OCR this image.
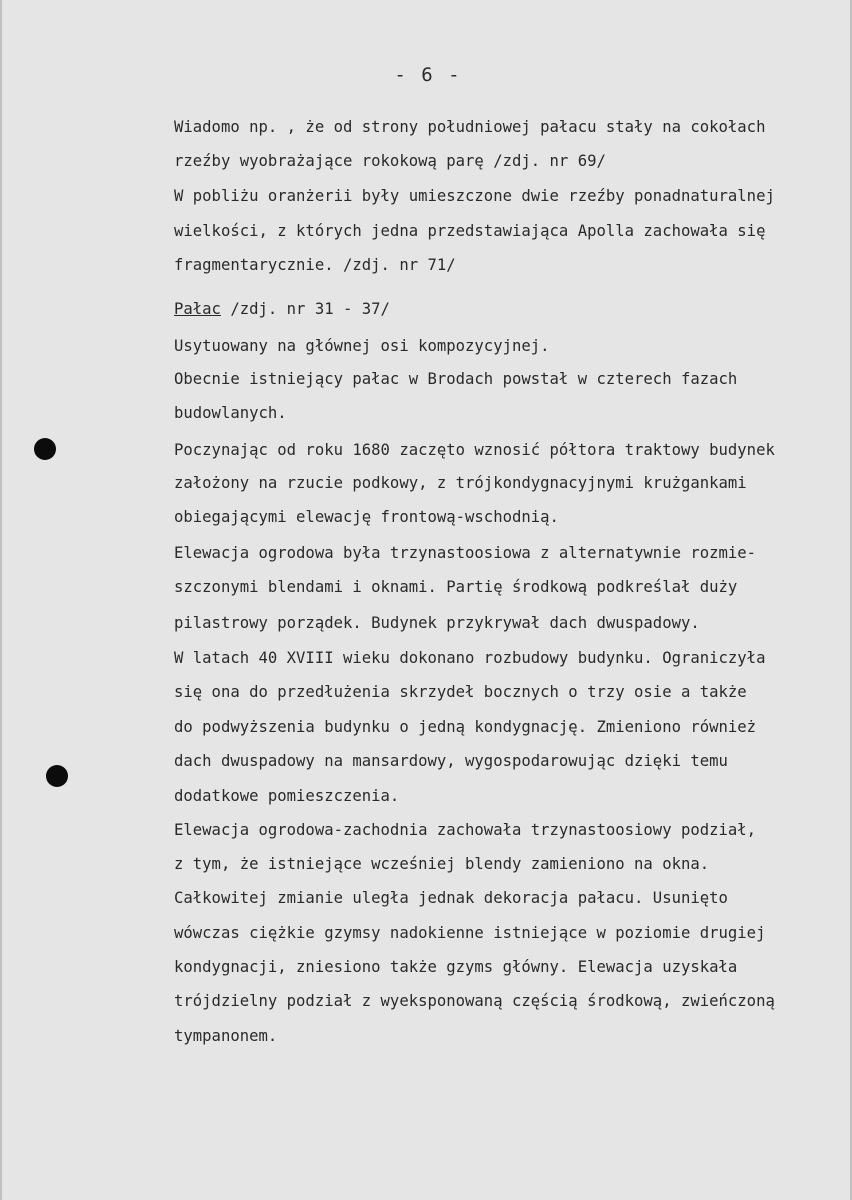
- 6 -
Wiadomo np. , że od strony południowej pałacu stały na cokołach
rzeźby wyobrażające rokokową parę /zdj. nr 69/
W pobliżu oranżerii były umieszczone dwie rzeźby ponadnaturalnej
wielkości, z których jedna przedstawiająca Apolla zachowała się
fragmentarycznie. /zdj. nr 71/
Pałac /zdj. nr 31 - 37/
Usytuowany na głównej osi kompozycyjnej.
Obecnie istniejący pałac w Brodach powstał w czterech fazach
budowlanych.
Poczynając od roku 1680 zaczęto wznosić półtora traktowy budynek
założony na rzucie podkowy, z trójkondygnacyjnymi krużgankami
obiegającymi elewację frontową-wschodnią.
Elewacja ogrodowa była trzynastoosiowa z alternatywnie rozmie-
szczonymi blendami i oknami. Partię środkową podkreślał duży
pilastrowy porządek. Budynek przykrywał dach dwuspadowy.
W latach 40 XVIII wieku dokonano rozbudowy budynku. Ograniczyła
się ona do przedłużenia skrzydeł bocznych o trzy osie a także
do podwyższenia budynku o jedną kondygnację. Zmieniono również
dach dwuspadowy na mansardowy, wygospodarowując dzięki temu
dodatkowe pomieszczenia.
Elewacja ogrodowa-zachodnia zachowała trzynastoosiowy podział,
z tym, że istniejące wcześniej blendy zamieniono na okna.
Całkowitej zmianie uległa jednak dekoracja pałacu. Usunięto
wówczas ciężkie gzymsy nadokienne istniejące w poziomie drugiej
kondygnacji, zniesiono także gzyms główny. Elewacja uzyskała
trójdzielny podział z wyeksponowaną częścią środkową, zwieńczoną
tympanonem.
